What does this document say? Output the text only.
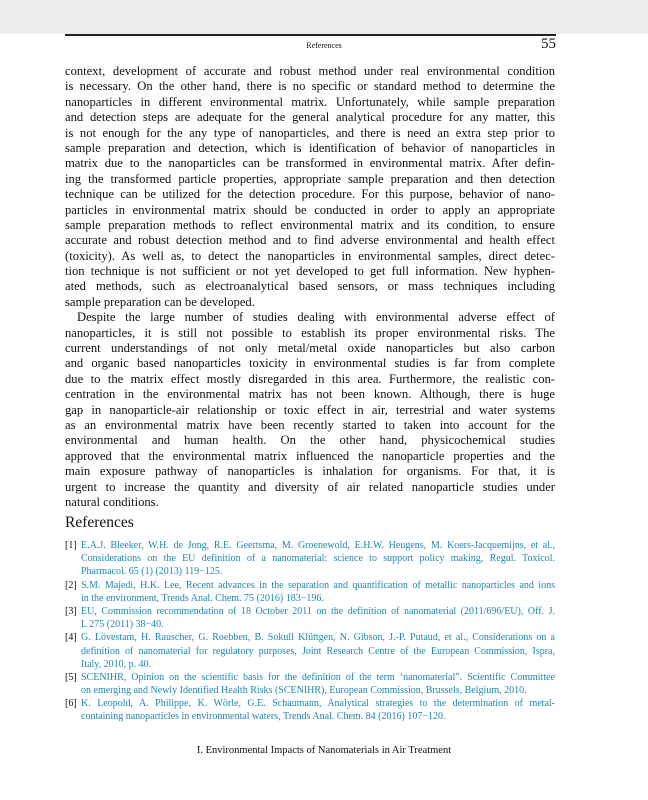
References	55
context, development of accurate and robust method under real environmental condition
is necessary. On the other hand, there is no specific or standard method to determine the
nanoparticles in different environmental matrix. Unfortunately, while sample preparation
and detection steps are adequate for the general analytical procedure for any matter, this
is not enough for the any type of nanoparticles, and there is need an extra step prior to
sample preparation and detection, which is identification of behavior of nanoparticles in
matrix due to the nanoparticles can be transformed in environmental matrix. After defin-
ing the transformed particle properties, appropriate sample preparation and then detection
technique can be utilized for the detection procedure. For this purpose, behavior of nano-
particles in environmental matrix should be conducted in order to apply an appropriate
sample preparation methods to reflect environmental matrix and its condition, to ensure
accurate and robust detection method and to find adverse environmental and health effect
(toxicity). As well as, to detect the nanoparticles in environmental samples, direct detec-
tion technique is not sufficient or not yet developed to get full information. New hyphen-
ated methods, such as electroanalytical based sensors, or mass techniques including
sample preparation can be developed.
Despite the large number of studies dealing with environmental adverse effect of
nanoparticles, it is still not possible to establish its proper environmental risks. The
current understandings of not only metal/metal oxide nanoparticles but also carbon
and organic based nanoparticles toxicity in environmental studies is far from complete
due to the matrix effect mostly disregarded in this area. Furthermore, the realistic con-
centration in the environmental matrix has not been known. Although, there is huge
gap in nanoparticle-air relationship or toxic effect in air, terrestrial and water systems
as an environmental matrix have been recently started to taken into account for the
environmental and human health. On the other hand, physicochemical studies
approved that the environmental matrix influenced the nanoparticle properties and the
main exposure pathway of nanoparticles is inhalation for organisms. For that, it is
urgent to increase the quantity and diversity of air related nanoparticle studies under
natural conditions.
References
[1] E.A.J. Bleeker, W.H. de Jong, R.E. Geertsma, M. Groenewold, E.H.W. Heugens, M. Koers-Jacquemijns, et al.,
Considerations on the EU definition of a nanomaterial: science to support policy making, Regul. Toxicol.
Pharmacol. 65 (1) (2013) 119−125.
[2] S.M. Majedi, H.K. Lee, Recent advances in the separation and quantification of metallic nanoparticles and ions
in the environment, Trends Anal. Chem. 75 (2016) 183−196.
[3] EU, Commission recommendation of 18 October 2011 on the definition of nanomaterial (2011/696/EU), Off. J.
L 275 (2011) 38−40.
[4] G. Lövestam, H. Rauscher, G. Roebben, B. Sokull Klüttgen, N. Gibson, J.-P. Putaud, et al., Considerations on a
definition of nanomaterial for regulatory purposes, Joint Research Centre of the European Commission, Ispra,
Italy, 2010, p. 40.
[5] SCENIHR, Opinion on the scientific basis for the definition of the term ‘nanomaterial”. Scientific Committee
on emerging and Newly Identified Health Risks (SCENIHR), European Commission, Brussels, Belgium, 2010.
[6] K. Leopold, A. Philippe, K. Wörle, G.E. Schaumann, Analytical strategies to the determination of metal-
containing nanoparticles in environmental waters, Trends Anal. Chem. 84 (2016) 107−120.
I. Environmental Impacts of Nanomaterials in Air Treatment
